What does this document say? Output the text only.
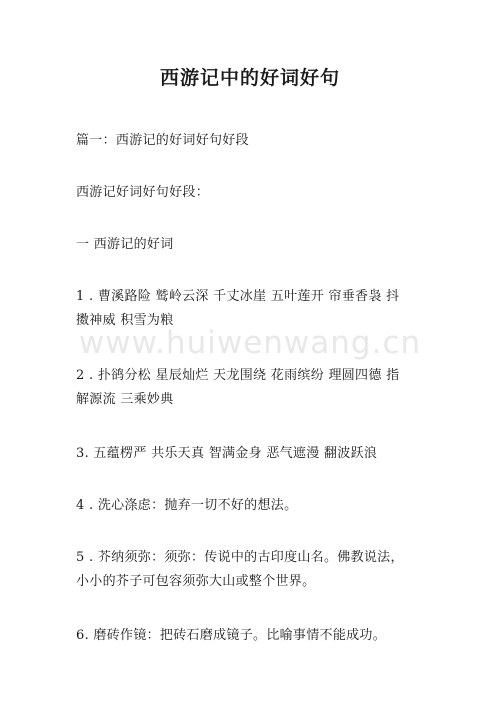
西游记中的好词好句
篇一：西游记的好词好句好段
西游记好词好句好段：
一 西游记的好词
1 . 曹溪路险 鹫岭云深 千丈冰崖 五叶莲开 帘垂香袅 抖
擞神威 积雪为粮
2 . 扑鹆分松 星辰灿烂 天龙围绕 花雨缤纷 理圆四德 指
解源流 三乘妙典
3. 五蕴楞严 共乐天真 智满金身 恶气遮漫 翻波跃浪
4 . 洗心涤虑：抛弃一切不好的想法。
5 . 芥纳须弥：须弥：传说中的古印度山名。佛教说法，
小小的芥子可包容须弥大山或整个世界。
6. 磨砖作镜：把砖石磨成镜子。比喻事情不能成功。
www.huiwenwang.cn
